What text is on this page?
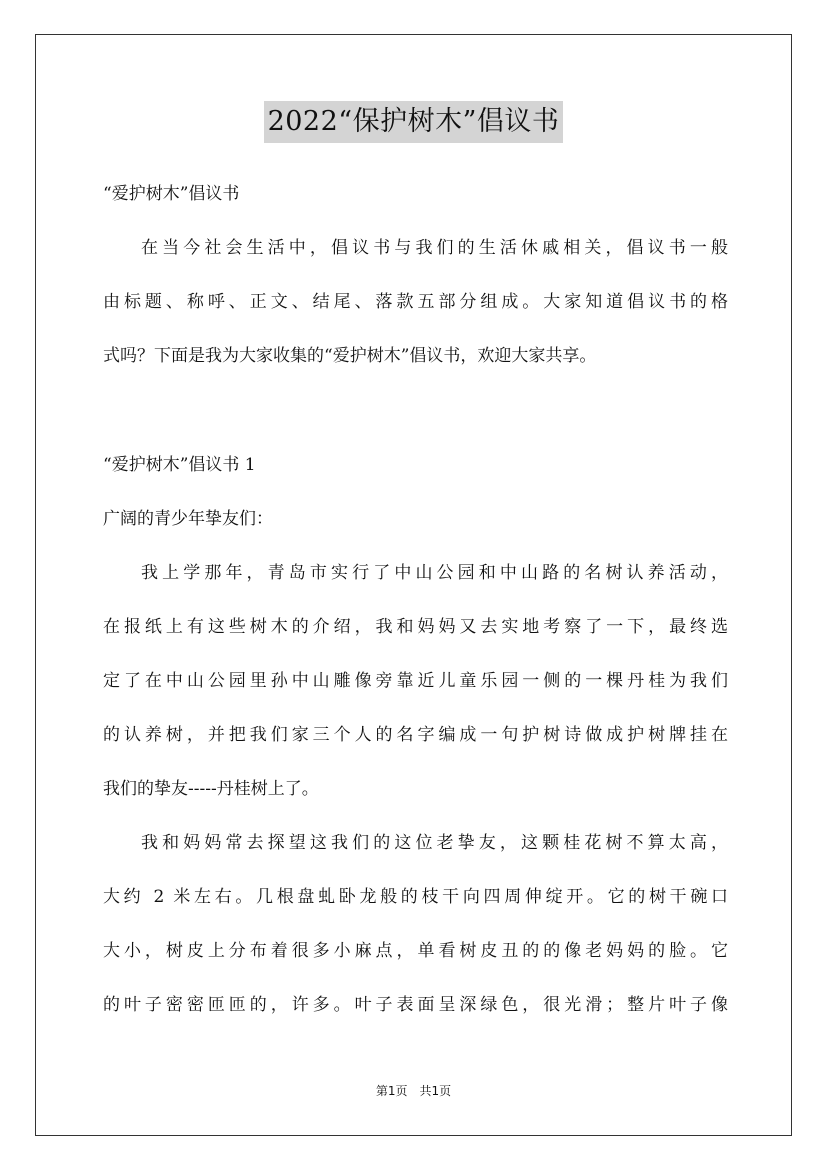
2022“保护树木”倡议书

“爱护树木”倡议书

在当今社会生活中，倡议书与我们的生活休戚相关，倡议书一般

由标题、称呼、正文、结尾、落款五部分组成。大家知道倡议书的格

式吗？下面是我为大家收集的“爱护树木”倡议书，欢迎大家共享。

“爱护树木”倡议书 1

广阔的青少年挚友们：

我上学那年，青岛市实行了中山公园和中山路的名树认养活动，

在报纸上有这些树木的介绍，我和妈妈又去实地考察了一下，最终选

定了在中山公园里孙中山雕像旁靠近儿童乐园一侧的一棵丹桂为我们

的认养树，并把我们家三个人的名字编成一句护树诗做成护树牌挂在

我们的挚友-----丹桂树上了。

我和妈妈常去探望这我们的这位老挚友，这颗桂花树不算太高，

大约 2 米左右。几根盘虬卧龙般的枝干向四周伸绽开。它的树干碗口

大小，树皮上分布着很多小麻点，单看树皮丑的的像老妈妈的脸。它

的叶子密密匝匝的，许多。叶子表面呈深绿色，很光滑；整片叶子像

第1页　共1页
